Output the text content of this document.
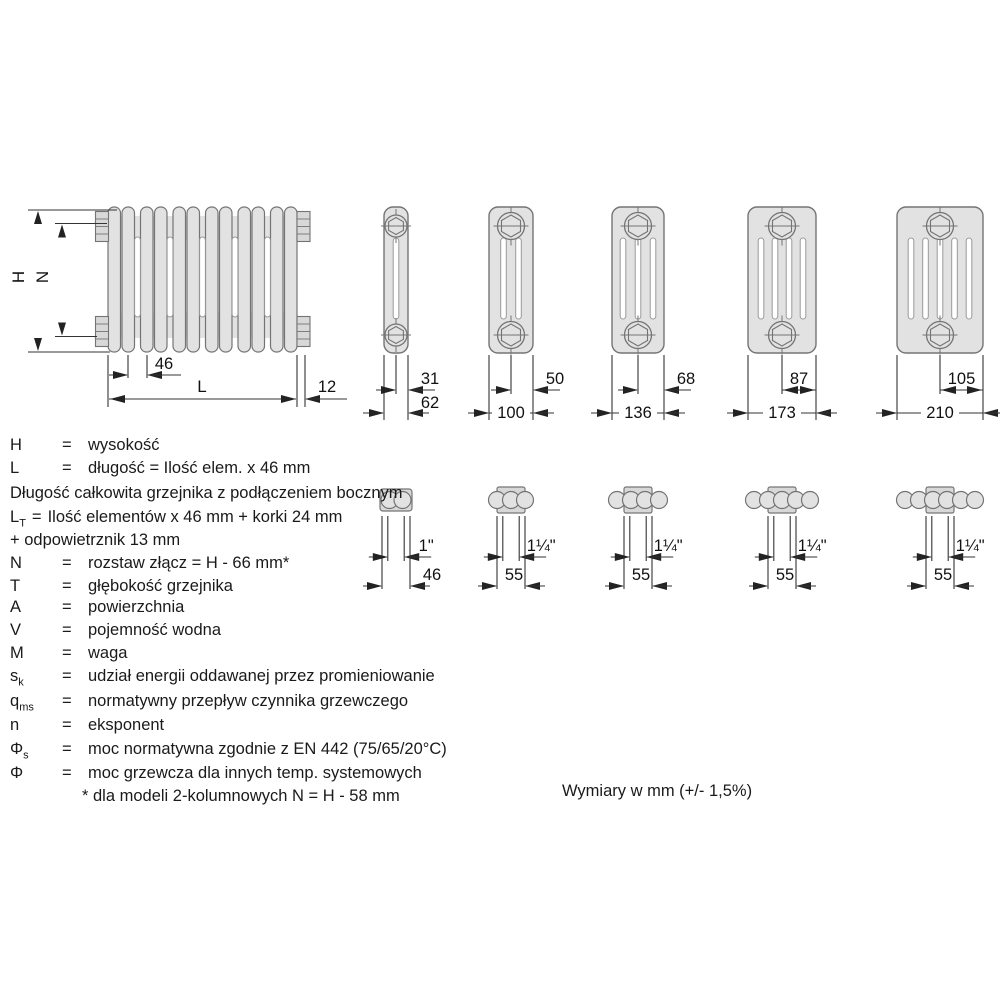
H N
46
L	12	31
62
1"
46
50
100
1¼"
55
68
136
1¼"
55
87
173
1¼"
55
105
210
1¼"
55
H = wysokość
L	= długość = Ilość elem. x 46 mm
Długość całkowita grzejnika z podłączeniem bocznym
$L_T$ = Ilość elementów x 46 mm + korki 24 mm
+ odpowietrznik 13 mm
N = rozstaw złącz = H - 66 mm*
T	= głębokość grzejnika
A = powierzchnia
V = pojemność wodna
M = waga
$s_k$ = udział energii oddawanej przez promieniowanie
$q_{ms}$ = normatywny przepływ czynnika grzewczego
n	= eksponent
$\Phi_s$ = moc normatywna zgodnie z EN 442 (75/65/20°C)
Φ = moc grzewcza dla innych temp. systemowych
* dla modeli 2-kolumnowych N = H - 58 mm	Wymiary w mm (+/- 1,5%)
